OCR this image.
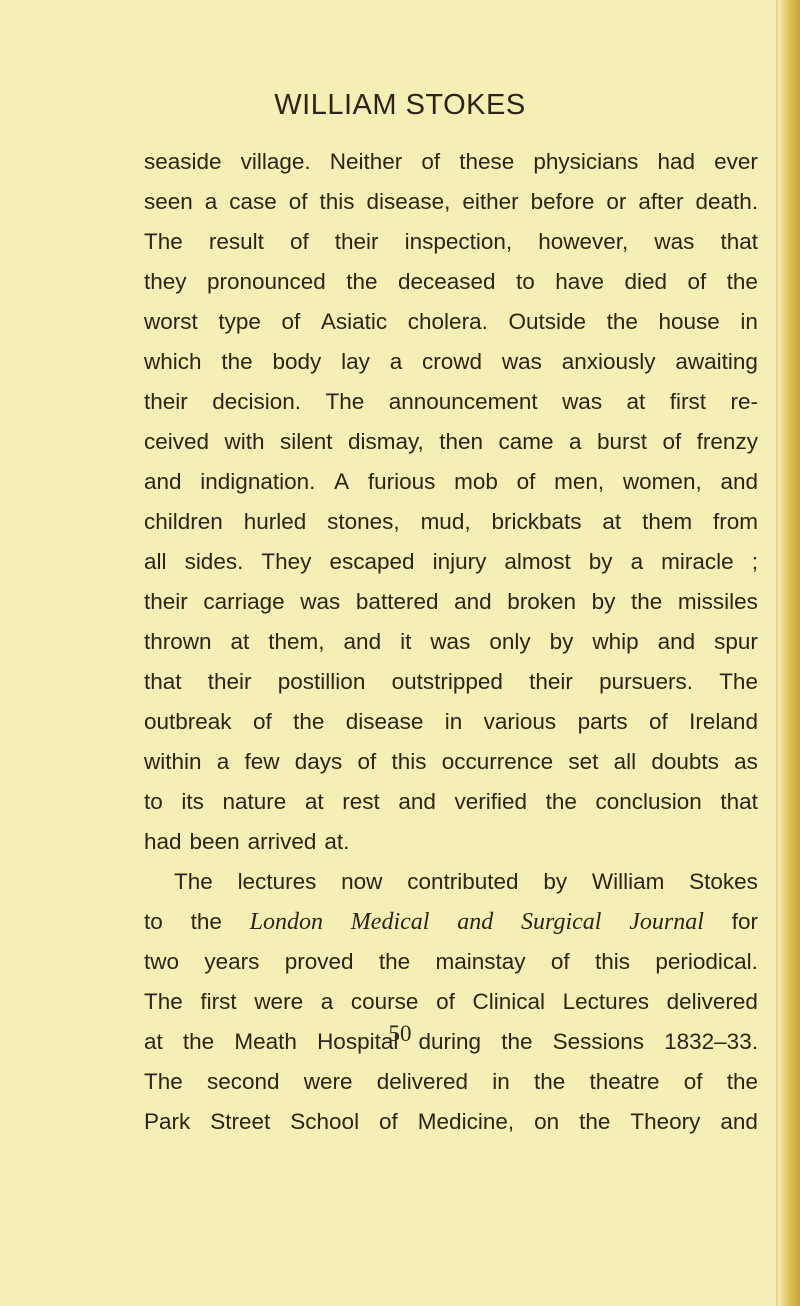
WILLIAM STOKES
seaside village. Neither of these physicians had ever
seen a case of this disease, either before or after death.
The result of their inspection, however, was that
they pronounced the deceased to have died of the
worst type of Asiatic cholera. Outside the house in
which the body lay a crowd was anxiously awaiting
their decision. The announcement was at first re-
ceived with silent dismay, then came a burst of frenzy
and indignation. A furious mob of men, women, and
children hurled stones, mud, brickbats at them from
all sides. They escaped injury almost by a miracle ;
their carriage was battered and broken by the missiles
thrown at them, and it was only by whip and spur
that their postillion outstripped their pursuers. The
outbreak of the disease in various parts of Ireland
within a few days of this occurrence set all doubts as
to its nature at rest and verified the conclusion that
had been arrived at.
The lectures now contributed by William Stokes
to the London Medical and Surgical Journal for
two years proved the mainstay of this periodical.
The first were a course of Clinical Lectures delivered
at the Meath Hospital during the Sessions 1832–33.
The second were delivered in the theatre of the
Park Street School of Medicine, on the Theory and
50
